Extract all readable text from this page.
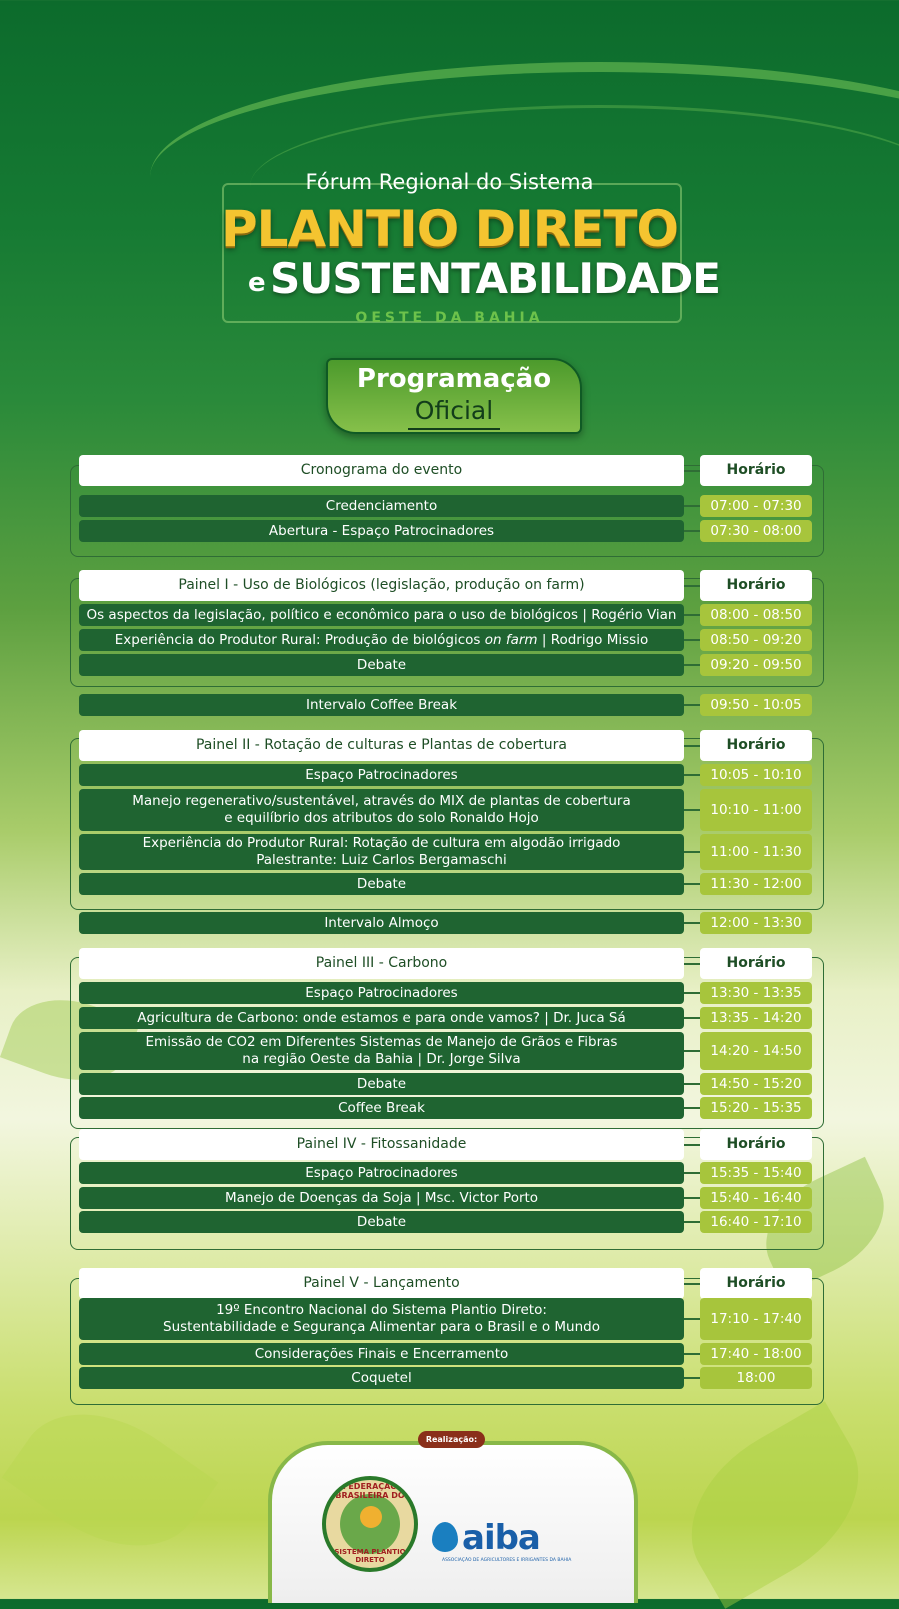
Fórum Regional do Sistema
PLANTIO DIRETO
e SUSTENTABILIDADE
OESTE DA BAHIA
Programação
Oficial
Cronograma do evento	Horário
Credenciamento	07:00 - 07:30
Abertura - Espaço Patrocinadores	07:30 - 08:00
Painel I - Uso de Biológicos (legislação, produção on farm)	Horário
Os aspectos da legislação, político e econômico para o uso de biológicos | Rogério Vian	08:00 - 08:50
Experiência do Produtor Rural: Produção de biológicos on farm | Rodrigo Missio	08:50 - 09:20
Debate	09:20 - 09:50
Intervalo Coffee Break	09:50 - 10:05
Painel II - Rotação de culturas e Plantas de cobertura	Horário
Espaço Patrocinadores	10:05 - 10:10
Manejo regenerativo/sustentável, através do MIX de plantas de cobertura
e equilíbrio dos atributos do solo Ronaldo Hojo	10:10 - 11:00
Experiência do Produtor Rural: Rotação de cultura em algodão irrigado
Palestrante: Luiz Carlos Bergamaschi	11:00 - 11:30
Debate	11:30 - 12:00
Intervalo Almoço	12:00 - 13:30
Painel III - Carbono	Horário
Espaço Patrocinadores	13:30 - 13:35
Agricultura de Carbono: onde estamos e para onde vamos? | Dr. Juca Sá	13:35 - 14:20
Emissão de CO2 em Diferentes Sistemas de Manejo de Grãos e Fibras
na região Oeste da Bahia | Dr. Jorge Silva	14:20 - 14:50
Debate	14:50 - 15:20
Coffee Break	15:20 - 15:35
Painel IV - Fitossanidade	Horário
Espaço Patrocinadores	15:35 - 15:40
Manejo de Doenças da Soja | Msc. Victor Porto	15:40 - 16:40
Debate	16:40 - 17:10
Painel V - Lançamento	Horário
19º Encontro Nacional do Sistema Plantio Direto:
Sustentabilidade e Segurança Alimentar para o Brasil e o Mundo	17:10 - 17:40
Considerações Finais e Encerramento	17:40 - 18:00
Coquetel	18:00
Realização:
FEDERAÇÃO BRASILEIRA DO
SISTEMA PLANTIO DIRETO
aiba
ASSOCIAÇÃO DE AGRICULTORES E IRRIGANTES DA BAHIA
